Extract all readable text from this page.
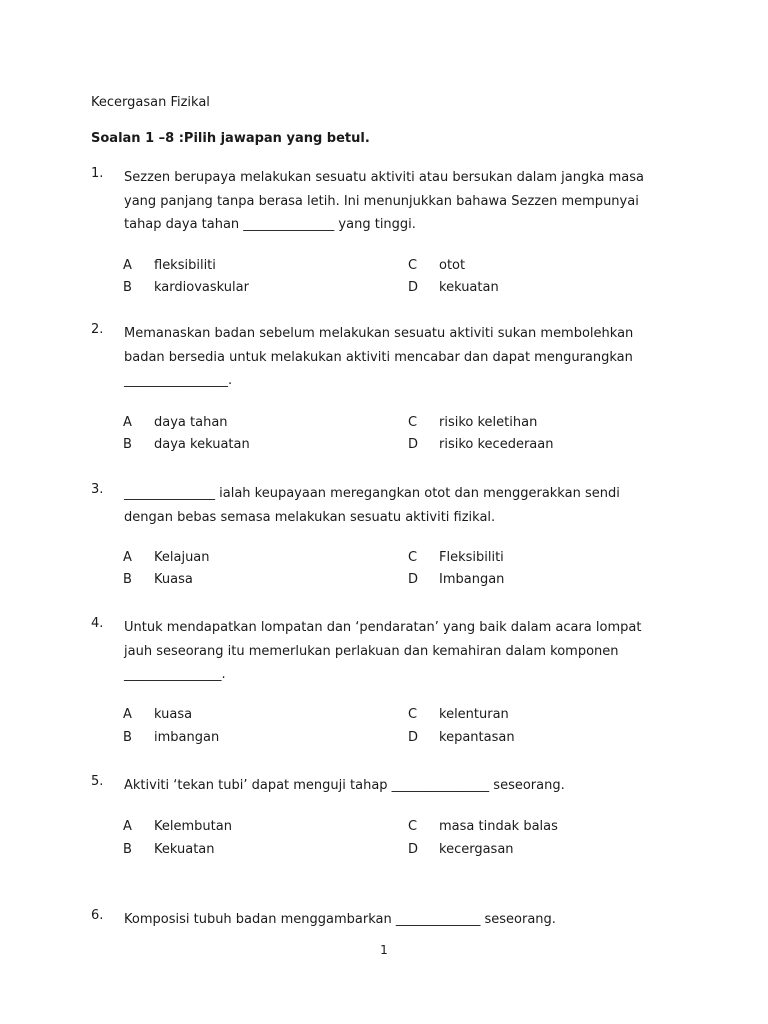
Kecergasan Fizikal
Soalan 1 –8 :Pilih jawapan yang betul.
1. Sezzen berupaya melakukan sesuatu aktiviti atau bersukan dalam jangka masa yang panjang tanpa berasa letih. Ini menunjukkan bahawa Sezzen mempunyai tahap daya tahan ______________ yang tinggi.
A fleksibiliti
B kardiovaskular
C otot
D kekuatan
2. Memanaskan badan sebelum melakukan sesuatu aktiviti sukan membolehkan badan bersedia untuk melakukan aktiviti mencabar dan dapat mengurangkan ________________.
A daya tahan
B daya kekuatan
C risiko keletihan
D risiko kecederaan
3. ______________ ialah keupayaan meregangkan otot dan menggerakkan sendi dengan bebas semasa melakukan sesuatu aktiviti fizikal.
A Kelajuan
B Kuasa
C Fleksibiliti
D Imbangan
4. Untuk mendapatkan lompatan dan ‘pendaratan’ yang baik dalam acara lompat jauh seseorang itu memerlukan perlakuan dan kemahiran dalam komponen _______________.
A kuasa
B imbangan
C kelenturan
D kepantasan
5. Aktiviti ‘tekan tubi’ dapat menguji tahap _______________ seseorang.
A Kelembutan
B Kekuatan
C masa tindak balas
D kecergasan
6. Komposisi tubuh badan menggambarkan _____________ seseorang.
1
